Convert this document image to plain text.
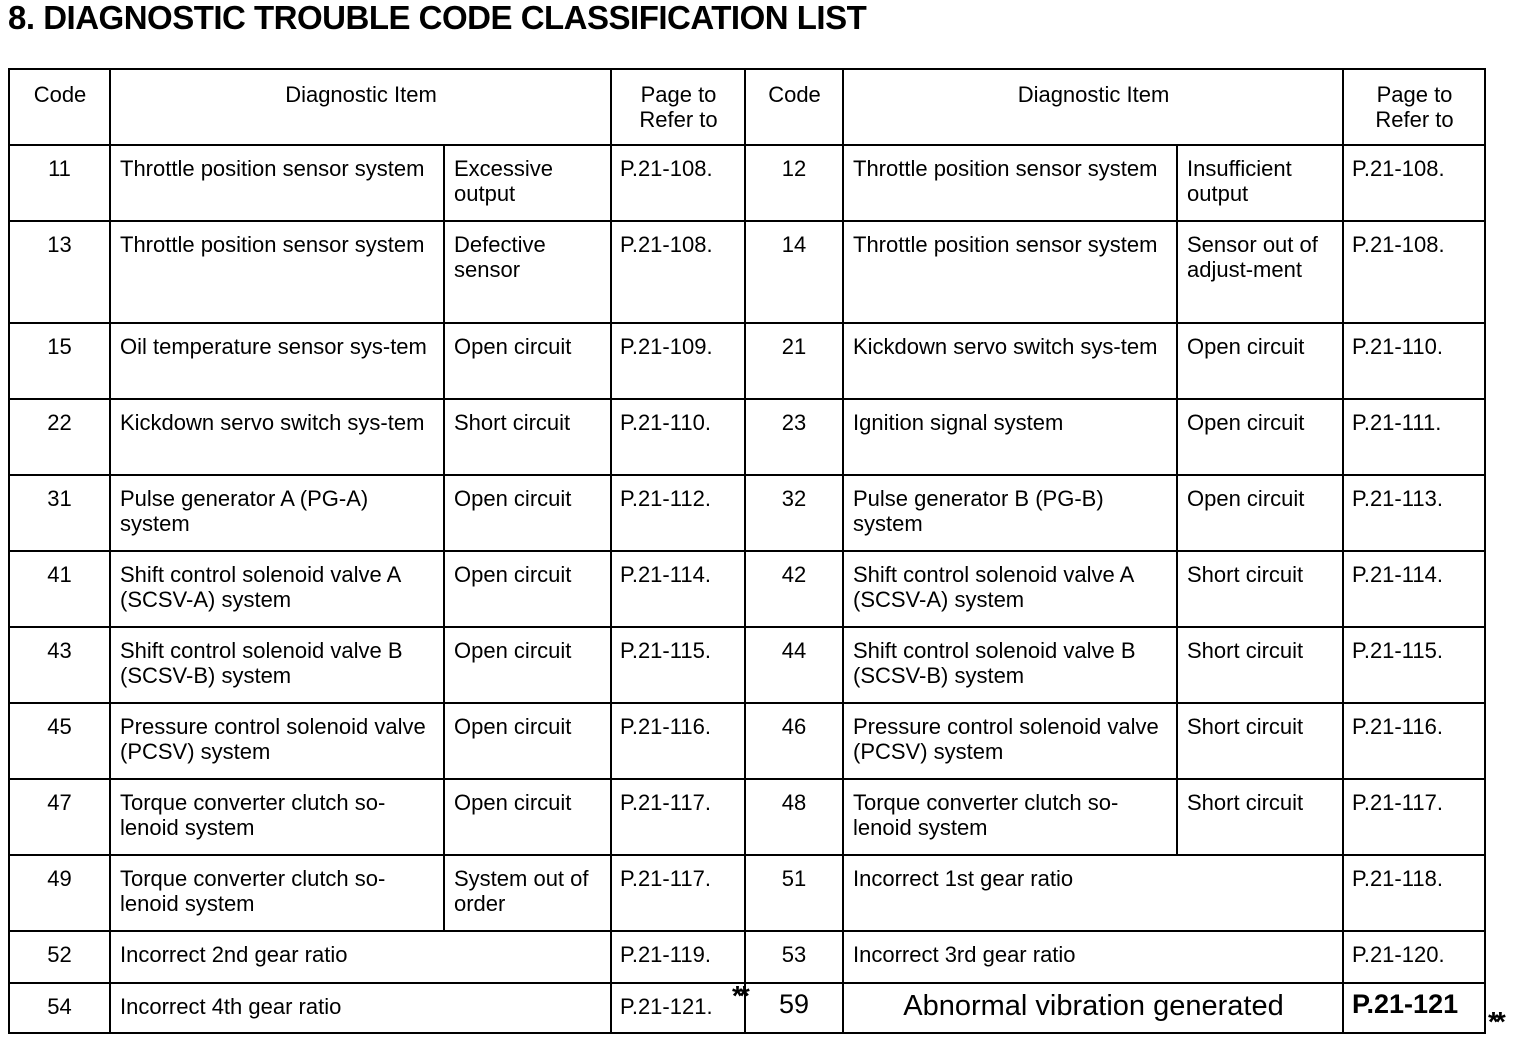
8. DIAGNOSTIC TROUBLE CODE CLASSIFICATION LIST
Code	Diagnostic Item		Page to Refer to	Code	Diagnostic Item		Page to Refer to
11	Throttle position sensor system	Excessive output	P.21-108.	12	Throttle position sensor system	Insufficient output	P.21-108.
13	Throttle position sensor system	Defective sensor	P.21-108.	14	Throttle position sensor system	Sensor out of adjust-ment	P.21-108.
15	Oil temperature sensor sys-tem	Open circuit	P.21-109.	21	Kickdown servo switch sys-tem	Open circuit	P.21-110.
22	Kickdown servo switch sys-tem	Short circuit	P.21-110.	23	Ignition signal system	Open circuit	P.21-111.
31	Pulse generator A (PG-A) system	Open circuit	P.21-112.	32	Pulse generator B (PG-B) system	Open circuit	P.21-113.
41	Shift control solenoid valve A (SCSV-A) system	Open circuit	P.21-114.	42	Shift control solenoid valve A (SCSV-A) system	Short circuit	P.21-114.
43	Shift control solenoid valve B (SCSV-B) system	Open circuit	P.21-115.	44	Shift control solenoid valve B (SCSV-B) system	Short circuit	P.21-115.
45	Pressure control solenoid valve (PCSV) system	Open circuit	P.21-116.	46	Pressure control solenoid valve (PCSV) system	Short circuit	P.21-116.
47	Torque converter clutch so-lenoid system	Open circuit	P.21-117.	48	Torque converter clutch so-lenoid system	Short circuit	P.21-117.
49	Torque converter clutch so-lenoid system	System out of order	P.21-117.	51	Incorrect 1st gear ratio		P.21-118.
52	Incorrect 2nd gear ratio		P.21-119.	53	Incorrect 3rd gear ratio		P.21-120.
54	Incorrect 4th gear ratio		P.21-121.	59	Abnormal vibration generated		P.21-121
**
**
